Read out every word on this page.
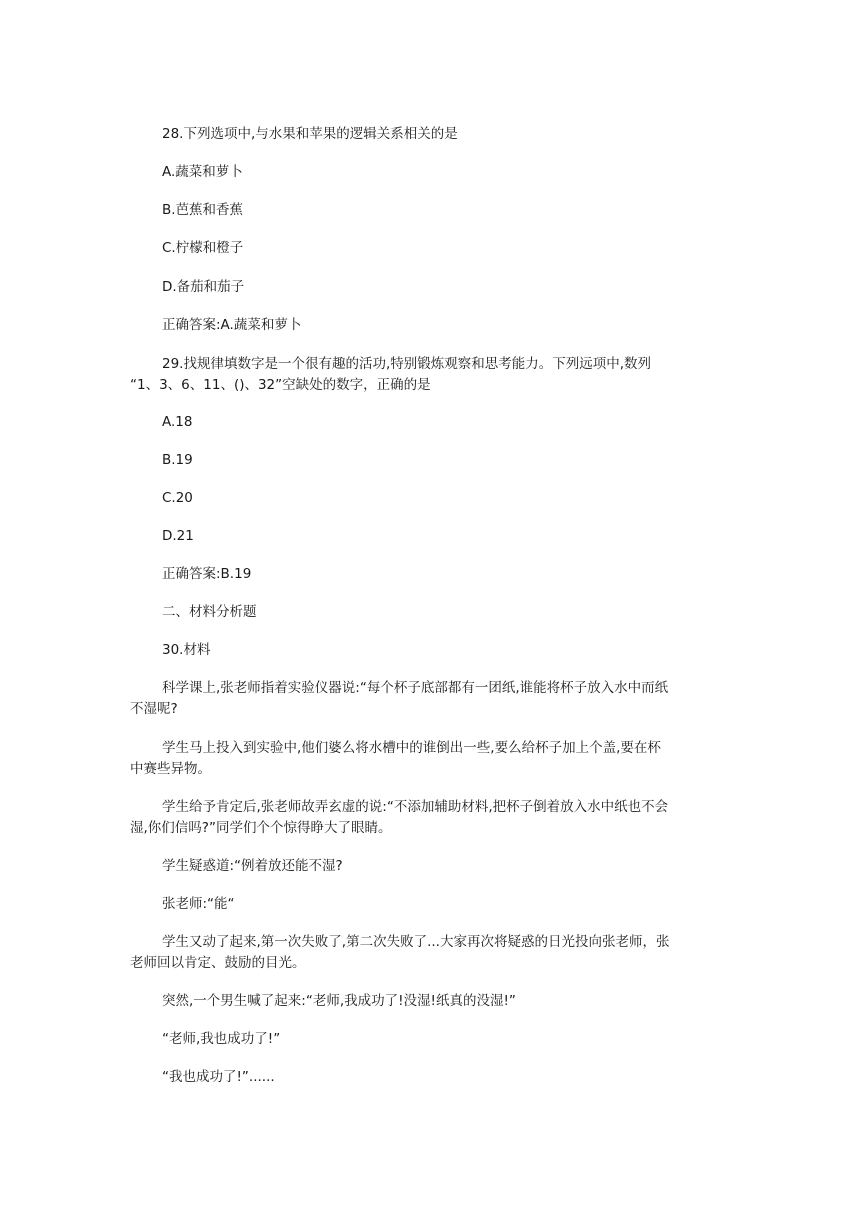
28.下列选项中,与水果和苹果的逻辑关系相关的是
A.蔬菜和萝卜
B.芭蕉和香蕉
C.柠檬和橙子
D.备茄和茄子
正确答案:A.蔬菜和萝卜
29.找规律填数字是一个很有趣的活功,特别锻炼观察和思考能力。下列远项中,数列
“1、3、6、11、()、32”空缺处的数字，正确的是
A.18
B.19
C.20
D.21
正确答案:B.19
二、材料分析题
30.材料
科学课上,张老师指着实验仪器说:“每个杯子底部都有一团纸,谁能将杯子放入水中而纸
不湿呢?
学生马上投入到实验中,他们婆么将水槽中的谁倒出一些,要么给杯子加上个盖,要在杯
中赛些异物。
学生给予肯定后,张老师故弄玄虚的说:“不添加辅助材料,把杯子倒着放入水中纸也不会
湿,你们信吗?”同学们个个惊得睁大了眼睛。
学生疑惑道:“例着放还能不湿?
张老师:“能“
学生又动了起来,第一次失败了,第二次失败了...大家再次将疑惑的日光投向张老师，张
老师回以肯定、鼓励的目光。
突然,一个男生喊了起来:“老师,我成功了!没湿!纸真的没湿!”
“老师,我也成功了!”
“我也成功了!”......
